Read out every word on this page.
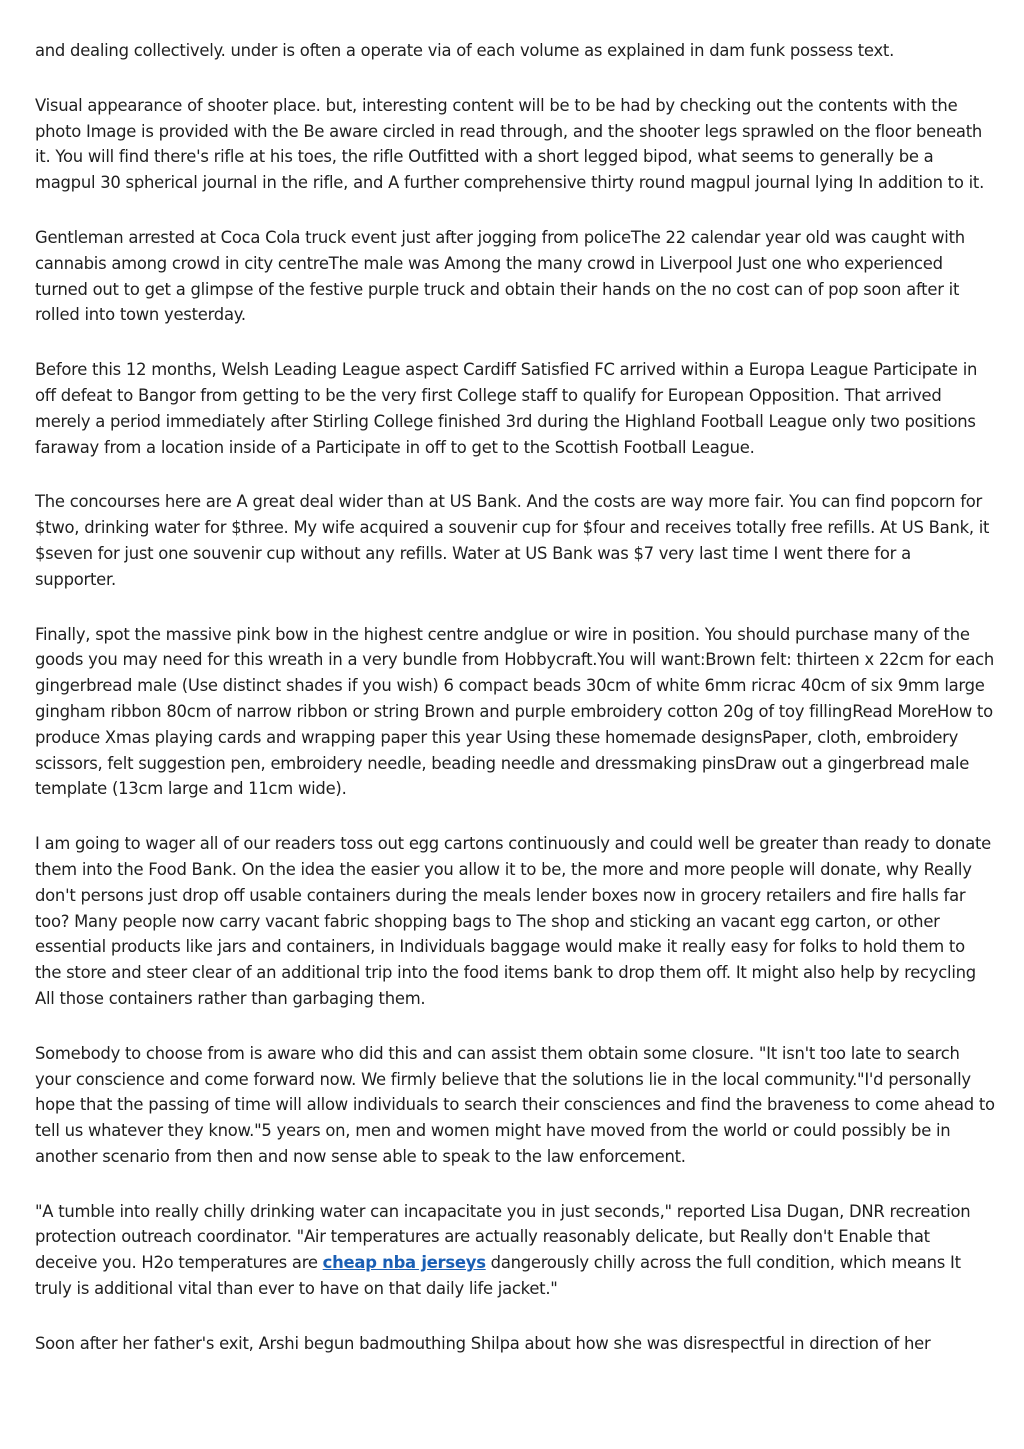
and dealing collectively. under is often a operate via of each volume as explained in dam funk possess text.

Visual appearance of shooter place. but, interesting content will be to be had by checking out the contents with the photo Image is provided with the Be aware circled in read through, and the shooter legs sprawled on the floor beneath it. You will find there's rifle at his toes, the rifle Outfitted with a short legged bipod, what seems to generally be a magpul 30 spherical journal in the rifle, and A further comprehensive thirty round magpul journal lying In addition to it.

Gentleman arrested at Coca Cola truck event just after jogging from policeThe 22 calendar year old was caught with cannabis among crowd in city centreThe male was Among the many crowd in Liverpool Just one who experienced turned out to get a glimpse of the festive purple truck and obtain their hands on the no cost can of pop soon after it rolled into town yesterday.

Before this 12 months, Welsh Leading League aspect Cardiff Satisfied FC arrived within a Europa League Participate in off defeat to Bangor from getting to be the very first College staff to qualify for European Opposition. That arrived merely a period immediately after Stirling College finished 3rd during the Highland Football League only two positions faraway from a location inside of a Participate in off to get to the Scottish Football League.

The concourses here are A great deal wider than at US Bank. And the costs are way more fair. You can find popcorn for $two, drinking water for $three. My wife acquired a souvenir cup for $four and receives totally free refills. At US Bank, it $seven for just one souvenir cup without any refills. Water at US Bank was $7 very last time I went there for a supporter.

Finally, spot the massive pink bow in the highest centre andglue or wire in position. You should purchase many of the goods you may need for this wreath in a very bundle from Hobbycraft.You will want:Brown felt: thirteen x 22cm for each gingerbread male (Use distinct shades if you wish) 6 compact beads 30cm of white 6mm ricrac 40cm of six 9mm large gingham ribbon 80cm of narrow ribbon or string Brown and purple embroidery cotton 20g of toy fillingRead MoreHow to produce Xmas playing cards and wrapping paper this year Using these homemade designsPaper, cloth, embroidery scissors, felt suggestion pen, embroidery needle, beading needle and dressmaking pinsDraw out a gingerbread male template (13cm large and 11cm wide).

I am going to wager all of our readers toss out egg cartons continuously and could well be greater than ready to donate them into the Food Bank. On the idea the easier you allow it to be, the more and more people will donate, why Really don't persons just drop off usable containers during the meals lender boxes now in grocery retailers and fire halls far too? Many people now carry vacant fabric shopping bags to The shop and sticking an vacant egg carton, or other essential products like jars and containers, in Individuals baggage would make it really easy for folks to hold them to the store and steer clear of an additional trip into the food items bank to drop them off. It might also help by recycling All those containers rather than garbaging them.

Somebody to choose from is aware who did this and can assist them obtain some closure. "It isn't too late to search your conscience and come forward now. We firmly believe that the solutions lie in the local community."I'd personally hope that the passing of time will allow individuals to search their consciences and find the braveness to come ahead to tell us whatever they know."5 years on, men and women might have moved from the world or could possibly be in another scenario from then and now sense able to speak to the law enforcement.

"A tumble into really chilly drinking water can incapacitate you in just seconds," reported Lisa Dugan, DNR recreation protection outreach coordinator. "Air temperatures are actually reasonably delicate, but Really don't Enable that deceive you. H2o temperatures are cheap nba jerseys dangerously chilly across the full condition, which means It truly is additional vital than ever to have on that daily life jacket."

Soon after her father's exit, Arshi begun badmouthing Shilpa about how she was disrespectful in direction of her
